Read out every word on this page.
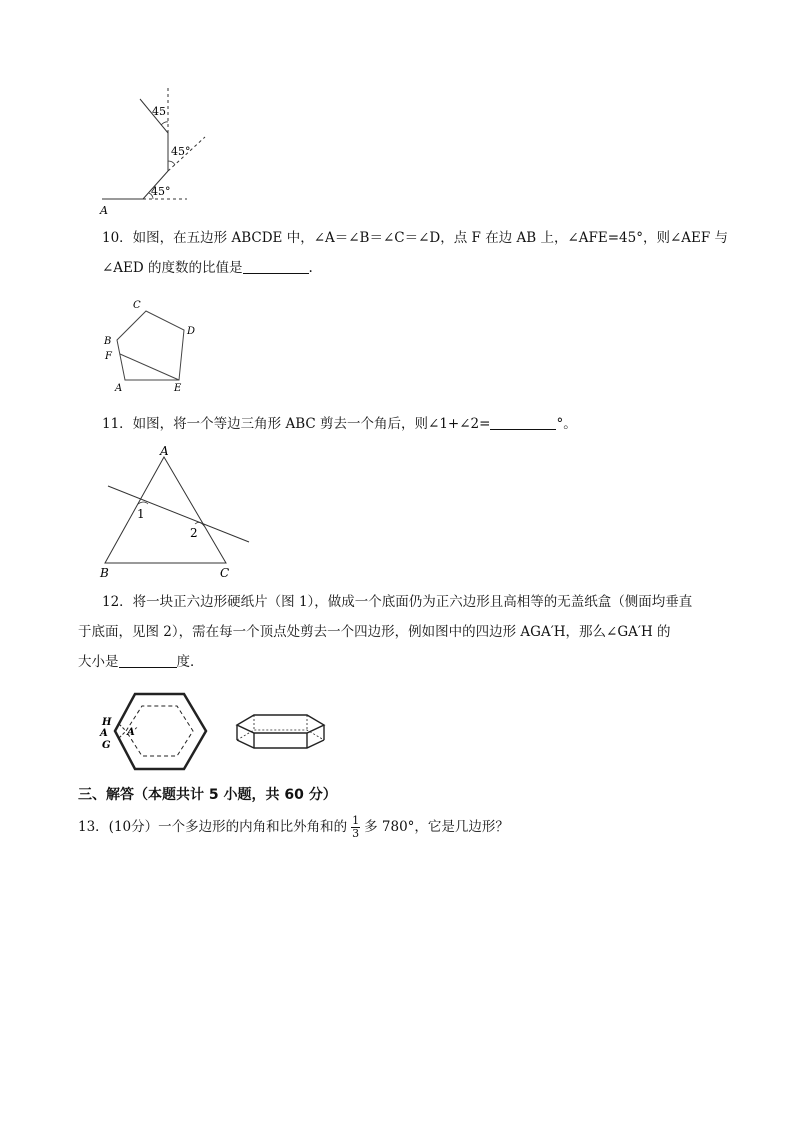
45
45°
45°
A
10．如图，在五边形 ABCDE 中，∠A＝∠B＝∠C＝∠D，点 F 在边 AB 上，∠AFE=45°，则∠AEF 与
∠AED 的度数的比值是	.
C
D
B
F
A	E
11．如图，将一个等边三角形 ABC 剪去一个角后，则∠1+∠2=	°。
A
B	C
1
2
12．将一块正六边形硬纸片（图 1），做成一个底面仍为正六边形且高相等的无盖纸盒（侧面均垂直
于底面，见图 2），需在每一个顶点处剪去一个四边形，例如图中的四边形 AGA′H，那么∠GA′H 的
大小是	度．
H
A
G
A′
三、解答（本题共计 5 小题，共 60 分）
13．(10分）一个多边形的内角和比外角和的 $\frac{1}{3}$ 多 780°，它是几边形？
